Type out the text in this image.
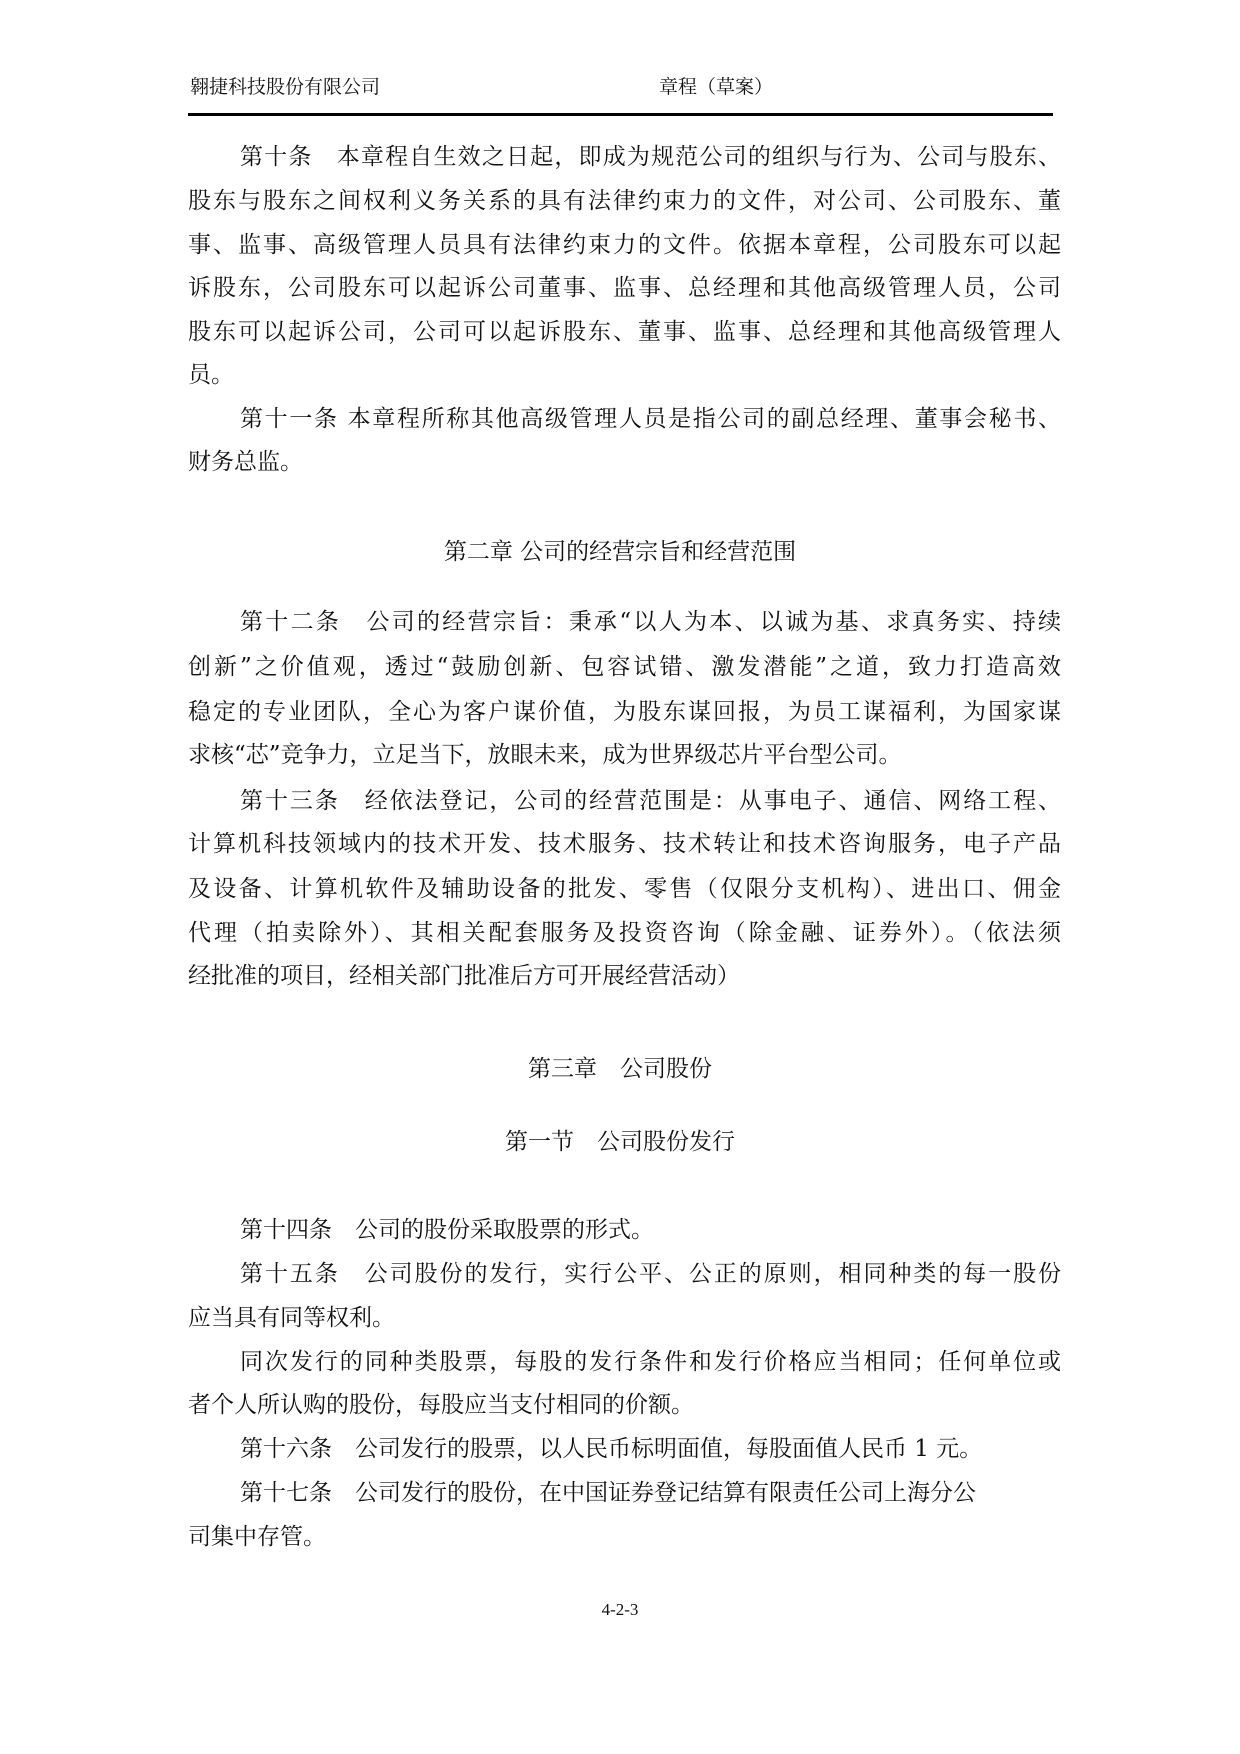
翱捷科技股份有限公司	章程（草案）
第十条　本章程自生效之日起，即成为规范公司的组织与行为、公司与股东、
股东与股东之间权利义务关系的具有法律约束力的文件，对公司、公司股东、董
事、监事、高级管理人员具有法律约束力的文件。依据本章程，公司股东可以起
诉股东，公司股东可以起诉公司董事、监事、总经理和其他高级管理人员，公司
股东可以起诉公司，公司可以起诉股东、董事、监事、总经理和其他高级管理人
员。
第十一条 本章程所称其他高级管理人员是指公司的副总经理、董事会秘书、
财务总监。
第二章 公司的经营宗旨和经营范围
第十二条　公司的经营宗旨：秉承“以人为本、以诚为基、求真务实、持续
创新”之价值观，透过“鼓励创新、包容试错、激发潜能”之道，致力打造高效
稳定的专业团队，全心为客户谋价值，为股东谋回报，为员工谋福利，为国家谋
求核“芯”竞争力，立足当下，放眼未来，成为世界级芯片平台型公司。
第十三条　经依法登记，公司的经营范围是：从事电子、通信、网络工程、
计算机科技领域内的技术开发、技术服务、技术转让和技术咨询服务，电子产品
及设备、计算机软件及辅助设备的批发、零售（仅限分支机构）、进出口、佣金
代理（拍卖除外）、其相关配套服务及投资咨询（除金融、证券外）。（依法须
经批准的项目，经相关部门批准后方可开展经营活动）
第三章　公司股份
第一节　公司股份发行
第十四条　公司的股份采取股票的形式。
第十五条　公司股份的发行，实行公平、公正的原则，相同种类的每一股份
应当具有同等权利。
同次发行的同种类股票，每股的发行条件和发行价格应当相同；任何单位或
者个人所认购的股份，每股应当支付相同的价额。
第十六条　公司发行的股票，以人民币标明面值，每股面值人民币 1 元。
第十七条　公司发行的股份，在中国证券登记结算有限责任公司上海分公
司集中存管。
4-2-3
